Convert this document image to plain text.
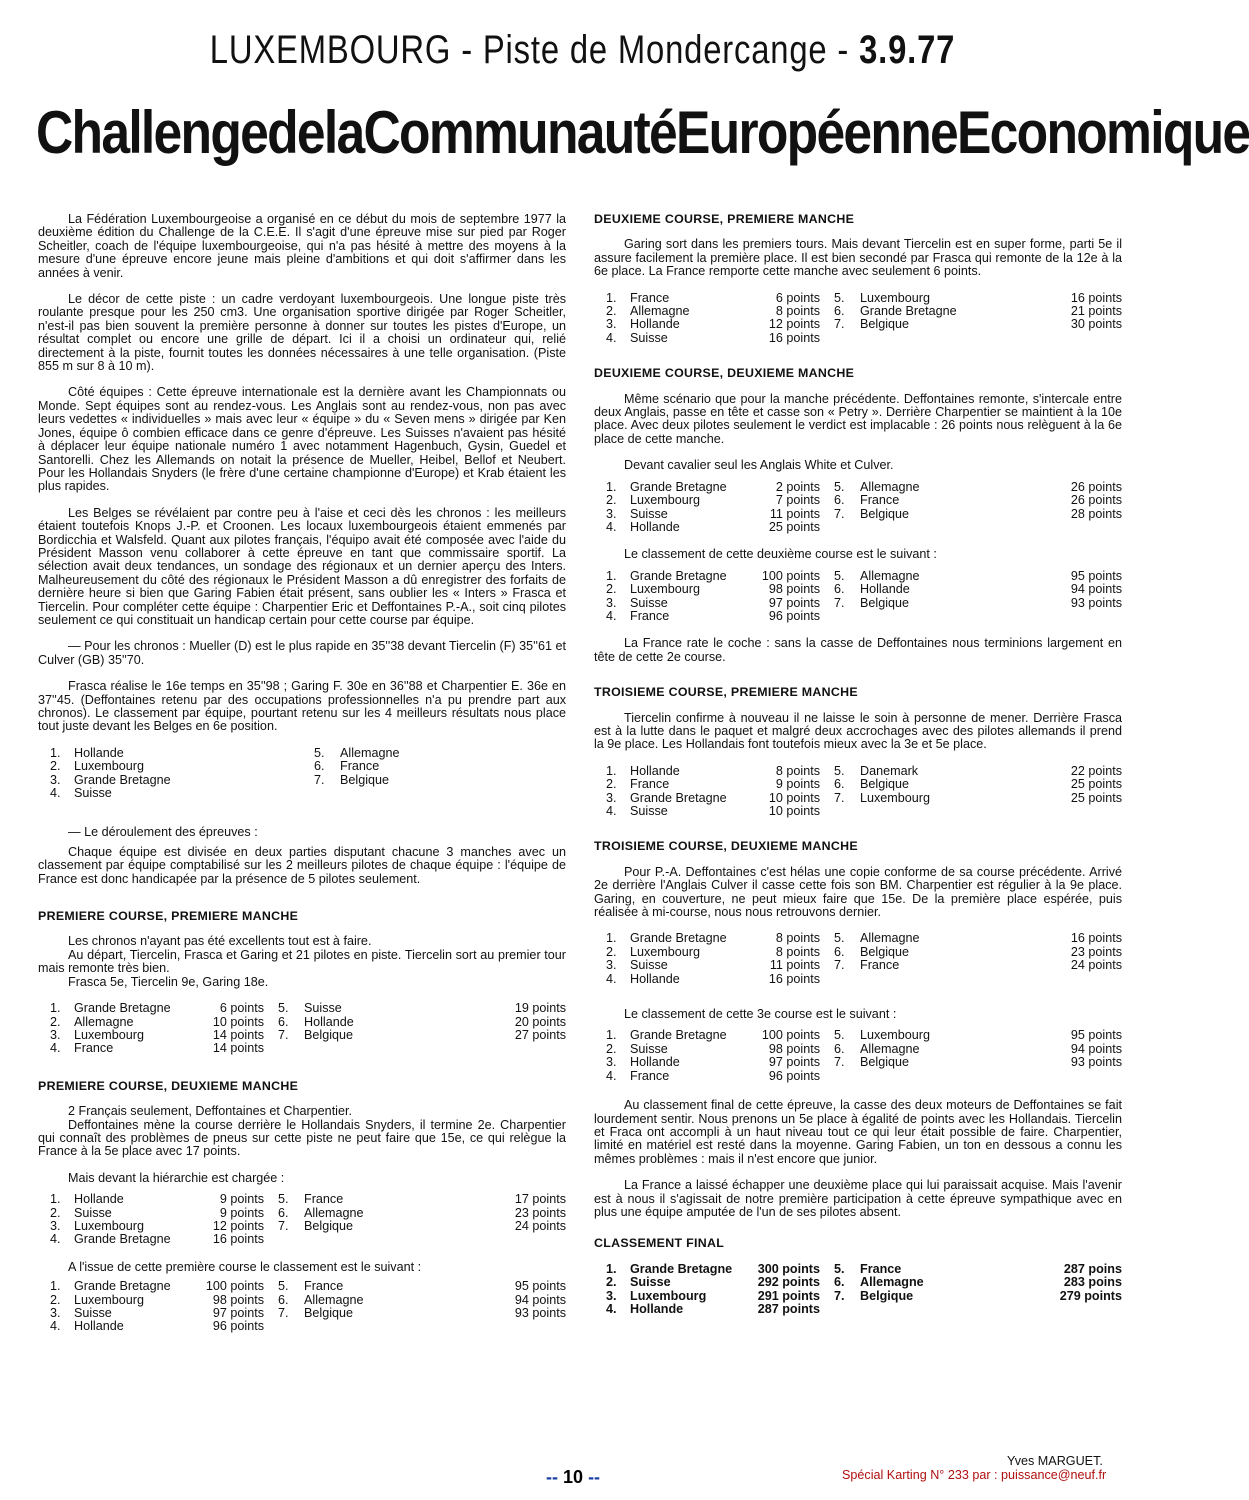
LUXEMBOURG - Piste de Mondercange - 3.9.77
Challenge de la Communauté Européenne Economique

La Fédération Luxembourgeoise a organisé en ce début du mois de septembre 1977 la deuxième édition du Challenge de la C.E.E. Il s'agit d'une épreuve mise sur pied par Roger Scheitler, coach de l'équipe luxembourgeoise, qui n'a pas hésité à mettre des moyens à la mesure d'une épreuve encore jeune mais pleine d'ambitions et qui doit s'affirmer dans les années à venir.

Le décor de cette piste : un cadre verdoyant luxembourgeois. Une longue piste très roulante presque pour les 250 cm3. Une organisation sportive dirigée par Roger Scheitler, n'est-il pas bien souvent la première personne à donner sur toutes les pistes d'Europe, un résultat complet ou encore une grille de départ. Ici il a choisi un ordinateur qui, relié directement à la piste, fournit toutes les données nécessaires à une telle organisation. (Piste 855 m sur 8 à 10 m).

Côté équipes : Cette épreuve internationale est la dernière avant les Championnats ou Monde. Sept équipes sont au rendez-vous. Les Anglais sont au rendez-vous, non pas avec leurs vedettes « individuelles » mais avec leur « équipe » du « Seven mens » dirigée par Ken Jones, équipe ô combien efficace dans ce genre d'épreuve. Les Suisses n'avaient pas hésité à déplacer leur équipe nationale numéro 1 avec notamment Hagenbuch, Gysin, Guedel et Santorelli. Chez les Allemands on notait la présence de Mueller, Heibel, Bellof et Neubert. Pour les Hollandais Snyders (le frère d'une certaine championne d'Europe) et Krab étaient les plus rapides.

Les Belges se révélaient par contre peu à l'aise et ceci dès les chronos : les meilleurs étaient toutefois Knops J.-P. et Croonen. Les locaux luxembourgeois étaient emmenés par Bordicchia et Walsfeld. Quant aux pilotes français, l'équipo avait été composée avec l'aide du Président Masson venu collaborer à cette épreuve en tant que commissaire sportif. La sélection avait deux tendances, un sondage des régionaux et un dernier aperçu des Inters. Malheureusement du côté des régionaux le Président Masson a dû enregistrer des forfaits de dernière heure si bien que Garing Fabien était présent, sans oublier les « Inters » Frasca et Tiercelin. Pour compléter cette équipe : Charpentier Eric et Deffontaines P.-A., soit cinq pilotes seulement ce qui constituait un handicap certain pour cette course par équipe.

— Pour les chronos : Mueller (D) est le plus rapide en 35''38 devant Tiercelin (F) 35''61 et Culver (GB) 35''70.

Frasca réalise le 16e temps en 35''98 ; Garing F. 30e en 36''88 et Charpentier E. 36e en 37''45. (Deffontaines retenu par des occupations professionnelles n'a pu prendre part aux chronos). Le classement par équipe, pourtant retenu sur les 4 meilleurs résultats nous place tout juste devant les Belges en 6e position.

1.	Hollande	5.	Allemagne
2.	Luxembourg	6.	France
3.	Grande Bretagne	7.	Belgique
4.	Suisse		

— Le déroulement des épreuves :

Chaque équipe est divisée en deux parties disputant chacune 3 manches avec un classement par équipe comptabilisé sur les 2 meilleurs pilotes de chaque équipe : l'équipe de France est donc handicapée par la présence de 5 pilotes seulement.

PREMIERE COURSE, PREMIERE MANCHE

Les chronos n'ayant pas été excellents tout est à faire.

Au départ, Tiercelin, Frasca et Garing et 21 pilotes en piste. Tiercelin sort au premier tour mais remonte très bien.

Frasca 5e, Tiercelin 9e, Garing 18e.

1.	Grande Bretagne	6 points	5.	Suisse	19 points
2.	Allemagne	10 points	6.	Hollande	20 points
3.	Luxembourg	14 points	7.	Belgique	27 points
4.	France	14 points			
PREMIERE COURSE, DEUXIEME MANCHE

2 Français seulement, Deffontaines et Charpentier.

Deffontaines mène la course derrière le Hollandais Snyders, il termine 2e. Charpentier qui connaît des problèmes de pneus sur cette piste ne peut faire que 15e, ce qui relègue la France à la 5e place avec 17 points.

Mais devant la hiérarchie est chargée :

1.	Hollande	9 points	5.	France	17 points
2.	Suisse	9 points	6.	Allemagne	23 points
3.	Luxembourg	12 points	7.	Belgique	24 points
4.	Grande Bretagne	16 points			

A l'issue de cette première course le classement est le suivant :

1.	Grande Bretagne	100 points	5.	France	95 points
2.	Luxembourg	98 points	6.	Allemagne	94 points
3.	Suisse	97 points	7.	Belgique	93 points
4.	Hollande	96 points			
DEUXIEME COURSE, PREMIERE MANCHE

Garing sort dans les premiers tours. Mais devant Tiercelin est en super forme, parti 5e il assure facilement la première place. Il est bien secondé par Frasca qui remonte de la 12e à la 6e place. La France remporte cette manche avec seulement 6 points.

1.	France	6 points	5.	Luxembourg	16 points
2.	Allemagne	8 points	6.	Grande Bretagne	21 points
3.	Hollande	12 points	7.	Belgique	30 points
4.	Suisse	16 points			
DEUXIEME COURSE, DEUXIEME MANCHE

Même scénario que pour la manche précédente. Deffontaines remonte, s'intercale entre deux Anglais, passe en tête et casse son « Petry ». Derrière Charpentier se maintient à la 10e place. Avec deux pilotes seulement le verdict est implacable : 26 points nous relèguent à la 6e place de cette manche.

Devant cavalier seul les Anglais White et Culver.

1.	Grande Bretagne	2 points	5.	Allemagne	26 points
2.	Luxembourg	7 points	6.	France	26 points
3.	Suisse	11 points	7.	Belgique	28 points
4.	Hollande	25 points			

Le classement de cette deuxième course est le suivant :

1.	Grande Bretagne	100 points	5.	Allemagne	95 points
2.	Luxembourg	98 points	6.	Hollande	94 points
3.	Suisse	97 points	7.	Belgique	93 points
4.	France	96 points			

La France rate le coche : sans la casse de Deffontaines nous terminions largement en tête de cette 2e course.

TROISIEME COURSE, PREMIERE MANCHE

Tiercelin confirme à nouveau il ne laisse le soin à personne de mener. Derrière Frasca est à la lutte dans le paquet et malgré deux accrochages avec des pilotes allemands il prend la 9e place. Les Hollandais font toutefois mieux avec la 3e et 5e place.

1.	Hollande	8 points	5.	Danemark	22 points
2.	France	9 points	6.	Belgique	25 points
3.	Grande Bretagne	10 points	7.	Luxembourg	25 points
4.	Suisse	10 points			
TROISIEME COURSE, DEUXIEME MANCHE

Pour P.-A. Deffontaines c'est hélas une copie conforme de sa course précédente. Arrivé 2e derrière l'Anglais Culver il casse cette fois son BM. Charpentier est régulier à la 9e place. Garing, en couverture, ne peut mieux faire que 15e. De la première place espérée, puis réalisée à mi-course, nous nous retrouvons dernier.

1.	Grande Bretagne	8 points	5.	Allemagne	16 points
2.	Luxembourg	8 points	6.	Belgique	23 points
3.	Suisse	11 points	7.	France	24 points
4.	Hollande	16 points			

Le classement de cette 3e course est le suivant :

1.	Grande Bretagne	100 points	5.	Luxembourg	95 points
2.	Suisse	98 points	6.	Allemagne	94 points
3.	Hollande	97 points	7.	Belgique	93 points
4.	France	96 points			

Au classement final de cette épreuve, la casse des deux moteurs de Deffontaines se fait lourdement sentir. Nous prenons un 5e place à égalité de points avec les Hollandais. Tiercelin et Fraca ont accompli à un haut niveau tout ce qui leur était possible de faire. Charpentier, limité en matériel est resté dans la moyenne. Garing Fabien, un ton en dessous a connu les mêmes problèmes : mais il n'est encore que junior.

La France a laissé échapper une deuxième place qui lui paraissait acquise. Mais l'avenir est à nous il s'agissait de notre première participation à cette épreuve sympathique avec en plus une équipe amputée de l'un de ses pilotes absent.

CLASSEMENT FINAL
1.	Grande Bretagne	300 points	5.	France	287 poins
2.	Suisse	292 points	6.	Allemagne	283 poins
3.	Luxembourg	291 points	7.	Belgique	279 points
4.	Hollande	287 points			
Yves MARGUET.
-- 10 --	Spécial Karting N° 233 par : puissance@neuf.fr
